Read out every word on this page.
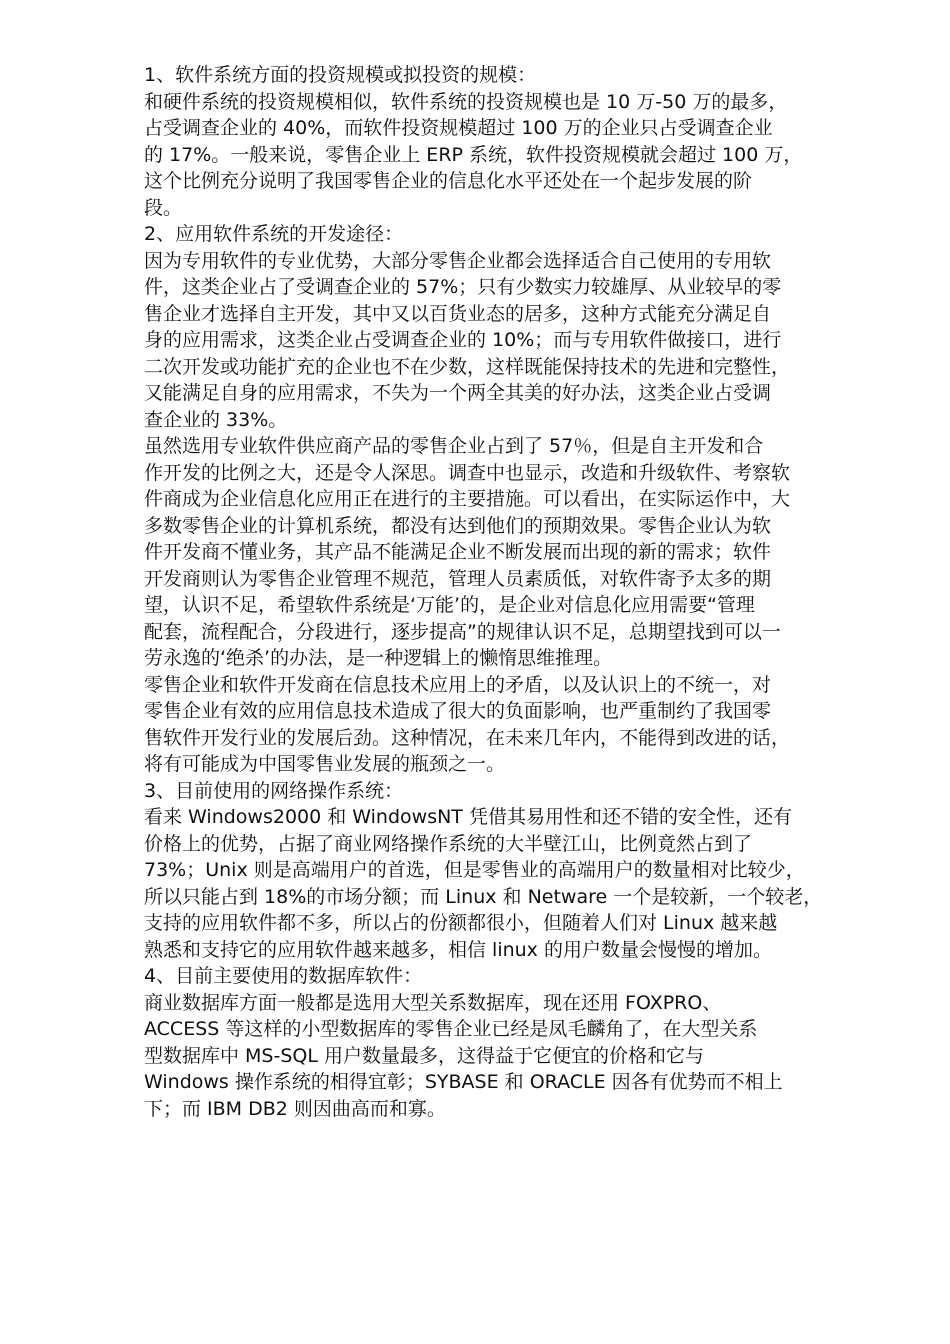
1、软件系统方面的投资规模或拟投资的规模：
和硬件系统的投资规模相似，软件系统的投资规模也是 10 万-50 万的最多，
占受调查企业的 40%，而软件投资规模超过 100 万的企业只占受调查企业
的 17%。一般来说，零售企业上 ERP 系统，软件投资规模就会超过 100 万，
这个比例充分说明了我国零售企业的信息化水平还处在一个起步发展的阶
段。
2、应用软件系统的开发途径：
因为专用软件的专业优势，大部分零售企业都会选择适合自己使用的专用软
件，这类企业占了受调查企业的 57%；只有少数实力较雄厚、从业较早的零
售企业才选择自主开发，其中又以百货业态的居多，这种方式能充分满足自
身的应用需求，这类企业占受调查企业的 10%；而与专用软件做接口，进行
二次开发或功能扩充的企业也不在少数，这样既能保持技术的先进和完整性，
又能满足自身的应用需求，不失为一个两全其美的好办法，这类企业占受调
查企业的 33%。
虽然选用专业软件供应商产品的零售企业占到了 57％，但是自主开发和合
作开发的比例之大，还是令人深思。调查中也显示，改造和升级软件、考察软
件商成为企业信息化应用正在进行的主要措施。可以看出，在实际运作中，大
多数零售企业的计算机系统，都没有达到他们的预期效果。零售企业认为软
件开发商不懂业务，其产品不能满足企业不断发展而出现的新的需求；软件
开发商则认为零售企业管理不规范，管理人员素质低，对软件寄予太多的期
望，认识不足，希望软件系统是‘万能’的，是企业对信息化应用需要“管理
配套，流程配合，分段进行，逐步提高”的规律认识不足，总期望找到可以一
劳永逸的‘绝杀’的办法，是一种逻辑上的懒惰思维推理。
零售企业和软件开发商在信息技术应用上的矛盾，以及认识上的不统一，对
零售企业有效的应用信息技术造成了很大的负面影响，也严重制约了我国零
售软件开发行业的发展后劲。这种情况，在未来几年内，不能得到改进的话，
将有可能成为中国零售业发展的瓶颈之一。
3、目前使用的网络操作系统：
看来 Windows2000 和 WindowsNT 凭借其易用性和还不错的安全性，还有
价格上的优势，占据了商业网络操作系统的大半壁江山，比例竟然占到了
73%；Unix 则是高端用户的首选，但是零售业的高端用户的数量相对比较少，
所以只能占到 18%的市场分额；而 Linux 和 Netware 一个是较新，一个较老，
支持的应用软件都不多，所以占的份额都很小，但随着人们对 Linux 越来越
熟悉和支持它的应用软件越来越多，相信 linux 的用户数量会慢慢的增加。
4、目前主要使用的数据库软件：
商业数据库方面一般都是选用大型关系数据库，现在还用 FOXPRO、
ACCESS 等这样的小型数据库的零售企业已经是凤毛麟角了，在大型关系
型数据库中 MS-SQL 用户数量最多，这得益于它便宜的价格和它与
Windows 操作系统的相得宜彰；SYBASE 和 ORACLE 因各有优势而不相上
下；而 IBM DB2 则因曲高而和寡。
